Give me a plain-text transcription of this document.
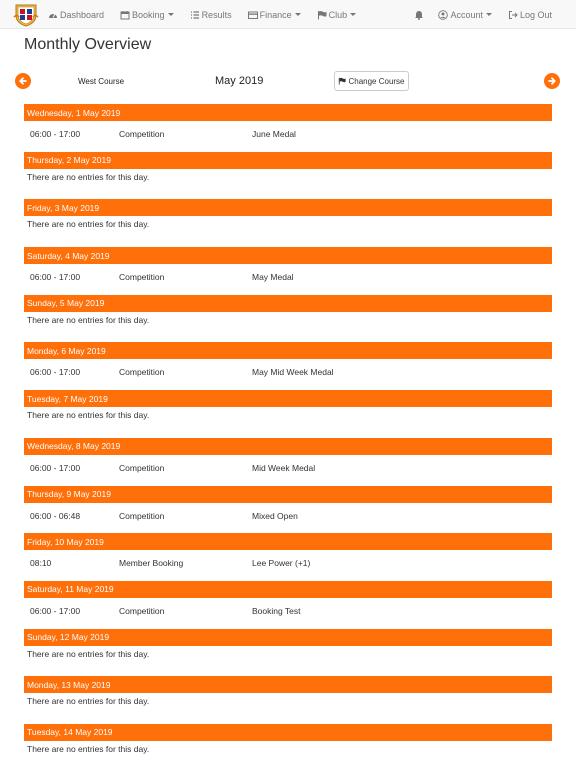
Dashboard	Booking	Results	Finance	Club	Account	Log Out
Monthly Overview
West Course	May 2019	Change Course
Wednesday, 1 May 2019
06:00 - 17:00	Competition	June Medal
Thursday, 2 May 2019
There are no entries for this day.
Friday, 3 May 2019
There are no entries for this day.
Saturday, 4 May 2019
06:00 - 17:00	Competition	May Medal
Sunday, 5 May 2019
There are no entries for this day.
Monday, 6 May 2019
06:00 - 17:00	Competition	May Mid Week Medal
Tuesday, 7 May 2019
There are no entries for this day.
Wednesday, 8 May 2019
06:00 - 17:00	Competition	Mid Week Medal
Thursday, 9 May 2019
06:00 - 06:48	Competition	Mixed Open
Friday, 10 May 2019
08:10	Member Booking	Lee Power (+1)
Saturday, 11 May 2019
06:00 - 17:00	Competition	Booking Test
Sunday, 12 May 2019
There are no entries for this day.
Monday, 13 May 2019
There are no entries for this day.
Tuesday, 14 May 2019
There are no entries for this day.
